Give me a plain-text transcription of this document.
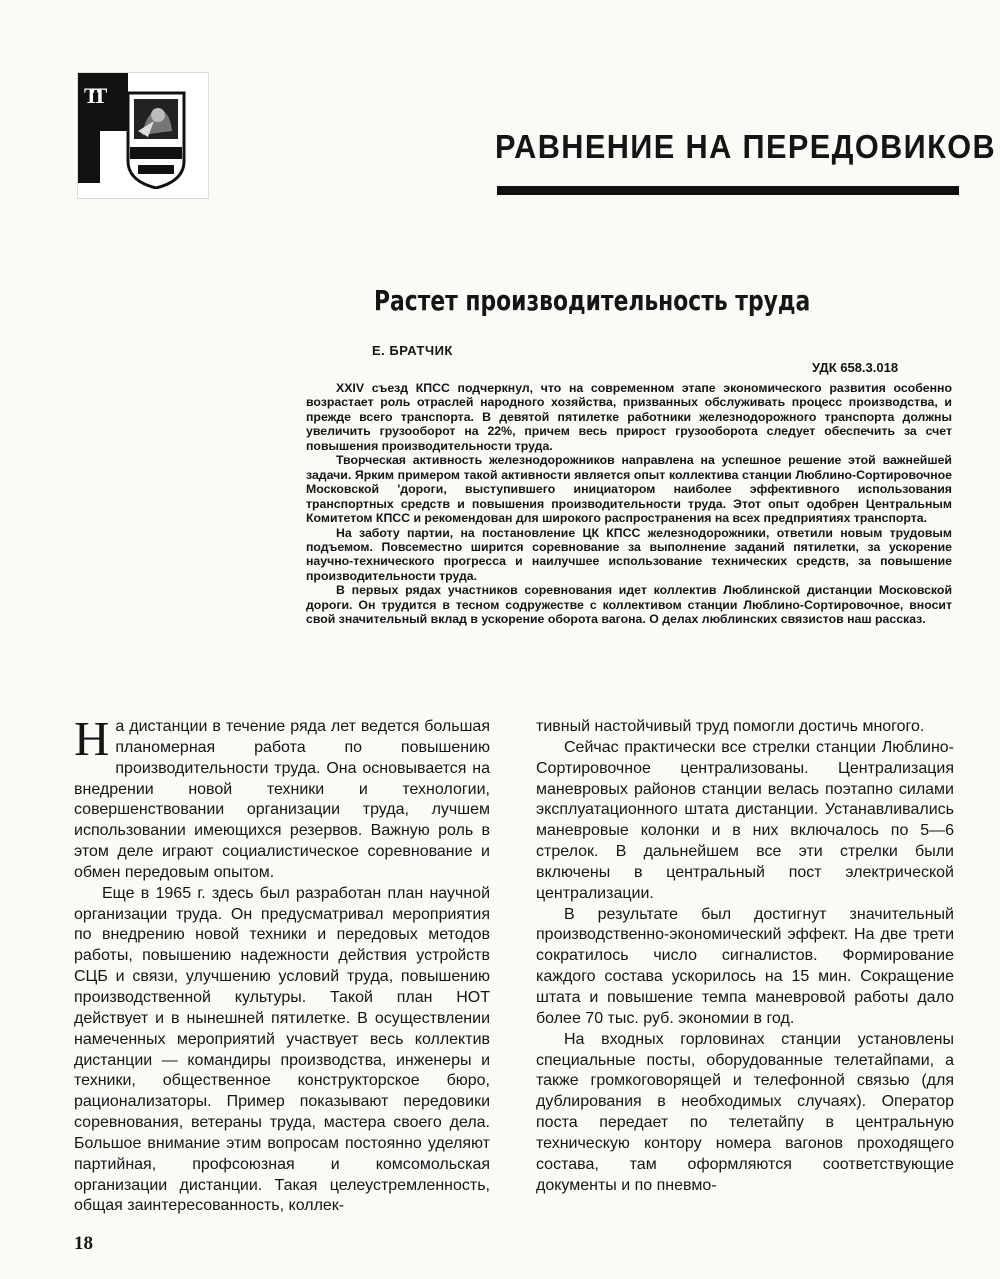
ТТ
РАВНЕНИЕ НА ПЕРЕДОВИКОВ
Растет производительность труда
Е. БРАТЧИК
УДК 658.3.018

XXIV съезд КПСС подчеркнул, что на современном этапе экономического развития особенно возрастает роль отраслей народного хозяйства, призванных обслуживать процесс производства, и прежде всего транспорта. В девятой пятилетке работники железнодорожного транспорта должны увеличить грузооборот на 22%, причем весь прирост грузооборота следует обеспечить за счет повышения производительности труда.

Творческая активность железнодорожников направлена на успешное решение этой важнейшей задачи. Ярким примером такой активности является опыт коллектива станции Люблино-Сортировочное Московской 'дороги, выступившего инициатором наиболее эффективного использования транспортных средств и повышения производительности труда. Этот опыт одобрен Центральным Комитетом КПСС и рекомендован для широкого распространения на всех предприятиях транспорта.

На заботу партии, на постановление ЦК КПСС железнодорожники, ответили новым трудовым подъемом. Повсеместно ширится соревнование за выполнение заданий пятилетки, за ускорение научно-технического прогресса и наилучшее использование технических средств, за повышение производительности труда.

В первых рядах участников соревнования идет коллектив Люблинской дистанции Московской дороги. Он трудится в тесном содружестве с коллективом станции Люблино-Сортировочное, вносит свой значительный вклад в ускорение оборота вагона. О делах люблинских связистов наш рассказ.

На дистанции в течение ряда лет ведется большая планомерная работа по повышению производительности труда. Она основывается на внедрении новой техники и технологии, совершенствовании организации труда, лучшем использовании имеющихся резервов. Важную роль в этом деле играют социалистическое соревнование и обмен передовым опытом.

Еще в 1965 г. здесь был разработан план научной организации труда. Он предусматривал мероприятия по внедрению новой техники и передовых методов работы, повышению надежности действия устройств СЦБ и связи, улучшению условий труда, повышению производственной культуры. Такой план НОТ действует и в нынешней пятилетке. В осуществлении намеченных мероприятий участвует весь коллектив дистанции — командиры производства, инженеры и техники, общественное конструкторское бюро, рационализаторы. Пример показывают передовики соревнования, ветераны труда, мастера своего дела. Большое внимание этим вопросам постоянно уделяют партийная, профсоюзная и комсомольская организации дистанции. Такая целеустремленность, общая заинтересованность, коллек-

тивный настойчивый труд помогли достичь многого.

Сейчас практически все стрелки станции Люблино-Сортировочное централизованы. Централизация маневровых районов станции велась поэтапно силами эксплуатационного штата дистанции. Устанавливались маневровые колонки и в них включалось по 5—6 стрелок. В дальнейшем все эти стрелки были включены в центральный пост электрической централизации.

В результате был достигнут значительный производственно-экономический эффект. На две трети сократилось число сигналистов. Формирование каждого состава ускорилось на 15 мин. Сокращение штата и повышение темпа маневровой работы дало более 70 тыс. руб. экономии в год.

На входных горловинах станции установлены специальные посты, оборудованные телетайпами, а также громкоговорящей и телефонной связью (для дублирования в необходимых случаях). Оператор поста передает по телетайпу в центральную техническую контору номера вагонов проходящего состава, там оформляются соответствующие документы и по пневмо-

18
